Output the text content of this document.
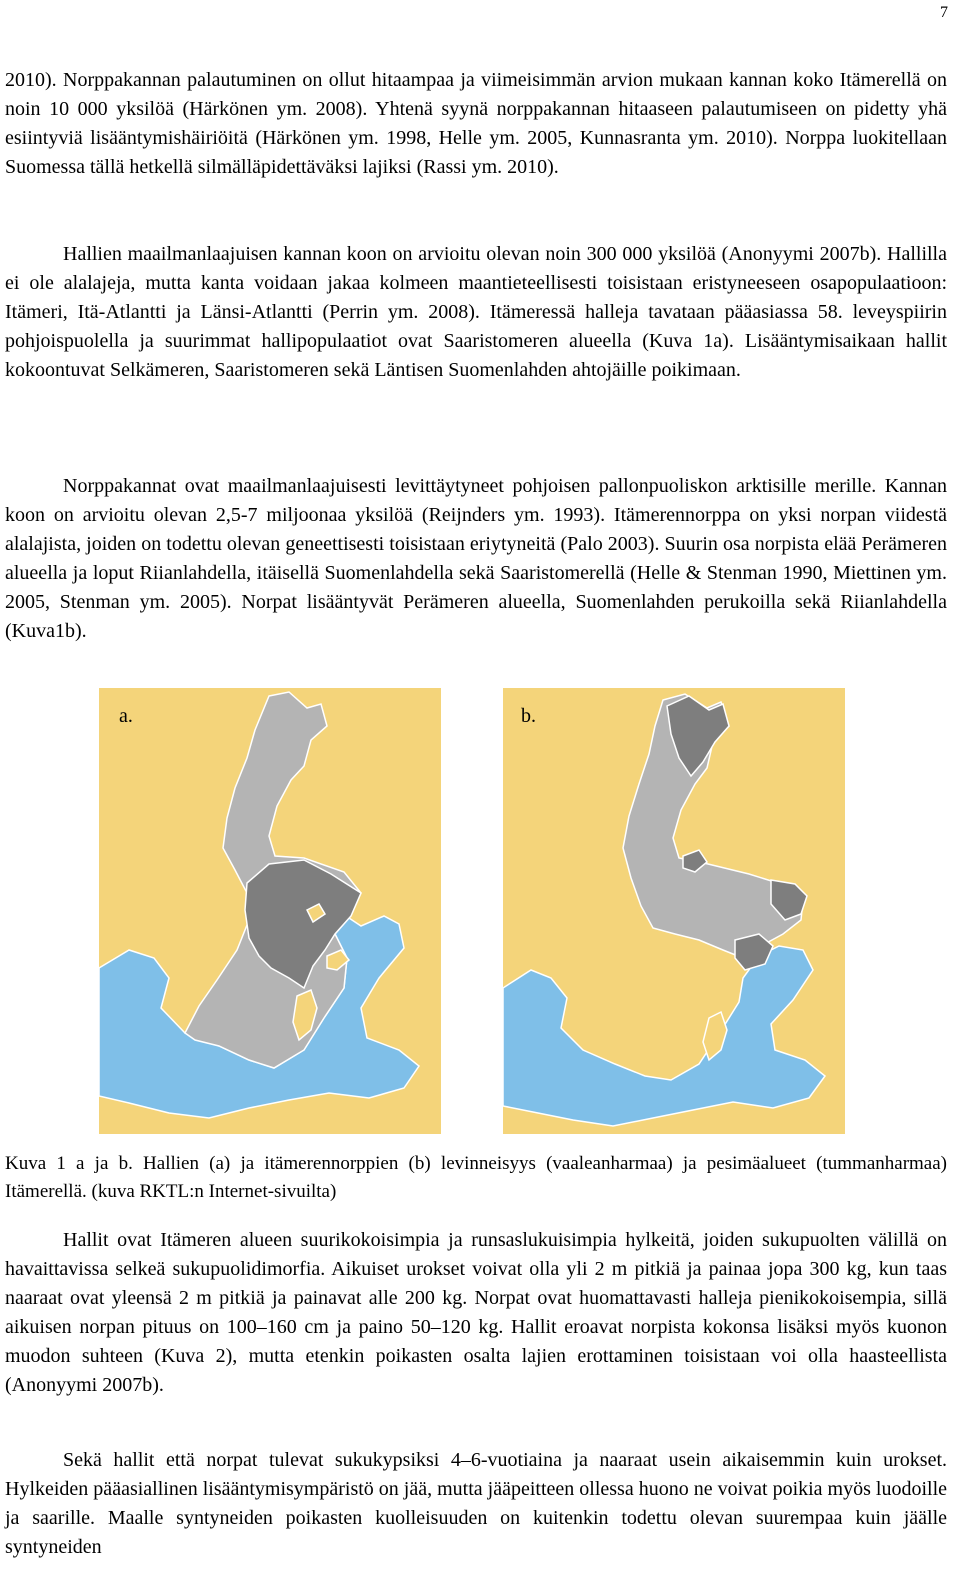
7

2010). Norppakannan palautuminen on ollut hitaampaa ja viimeisimmän arvion mukaan kannan koko Itämerellä on noin 10 000 yksilöä (Härkönen ym. 2008). Yhtenä syynä norppakannan hitaaseen palautumiseen on pidetty yhä esiintyviä lisääntymishäiriöitä (Härkönen ym. 1998, Helle ym. 2005, Kunnasranta ym. 2010). Norppa luokitellaan Suomessa tällä hetkellä silmälläpidettäväksi lajiksi (Rassi ym. 2010).

Hallien maailmanlaajuisen kannan koon on arvioitu olevan noin 300 000 yksilöä (Anonyymi 2007b). Hallilla ei ole alalajeja, mutta kanta voidaan jakaa kolmeen maantieteellisesti toisistaan eristyneeseen osapopulaatioon: Itämeri, Itä-Atlantti ja Länsi-Atlantti (Perrin ym. 2008). Itämeressä halleja tavataan pääasiassa 58. leveyspiirin pohjoispuolella ja suurimmat hallipopulaatiot ovat Saaristomeren alueella (Kuva 1a). Lisääntymisaikaan hallit kokoontuvat Selkämeren, Saaristomeren sekä Läntisen Suomenlahden ahtojäille poikimaan.

Norppakannat ovat maailmanlaajuisesti levittäytyneet pohjoisen pallonpuoliskon arktisille merille. Kannan koon on arvioitu olevan 2,5-7 miljoonaa yksilöä (Reijnders ym. 1993). Itämerennorppa on yksi norpan viidestä alalajista, joiden on todettu olevan geneettisesti toisistaan eriytyneitä (Palo 2003). Suurin osa norpista elää Perämeren alueella ja loput Riianlahdella, itäisellä Suomenlahdella sekä Saaristomerellä (Helle & Stenman 1990, Miettinen ym. 2005, Stenman ym. 2005). Norpat lisääntyvät Perämeren alueella, Suomenlahden perukoilla sekä Riianlahdella (Kuva1b).

a.	b.

Kuva 1 a ja b. Hallien (a) ja itämerennorppien (b) levinneisyys (vaaleanharmaa) ja pesimäalueet (tummanharmaa) Itämerellä. (kuva RKTL:n Internet-sivuilta)

Hallit ovat Itämeren alueen suurikokoisimpia ja runsaslukuisimpia hylkeitä, joiden sukupuolten välillä on havaittavissa selkeä sukupuolidimorfia. Aikuiset urokset voivat olla yli 2 m pitkiä ja painaa jopa 300 kg, kun taas naaraat ovat yleensä 2 m pitkiä ja painavat alle 200 kg. Norpat ovat huomattavasti halleja pienikokoisempia, sillä aikuisen norpan pituus on 100–160 cm ja paino 50–120 kg. Hallit eroavat norpista kokonsa lisäksi myös kuonon muodon suhteen (Kuva 2), mutta etenkin poikasten osalta lajien erottaminen toisistaan voi olla haasteellista (Anonyymi 2007b).

Sekä hallit että norpat tulevat sukukypsiksi 4–6-vuotiaina ja naaraat usein aikaisemmin kuin urokset. Hylkeiden pääasiallinen lisääntymisympäristö on jää, mutta jääpeitteen ollessa huono ne voivat poikia myös luodoille ja saarille. Maalle syntyneiden poikasten kuolleisuuden on kuitenkin todettu olevan suurempaa kuin jäälle syntyneiden
